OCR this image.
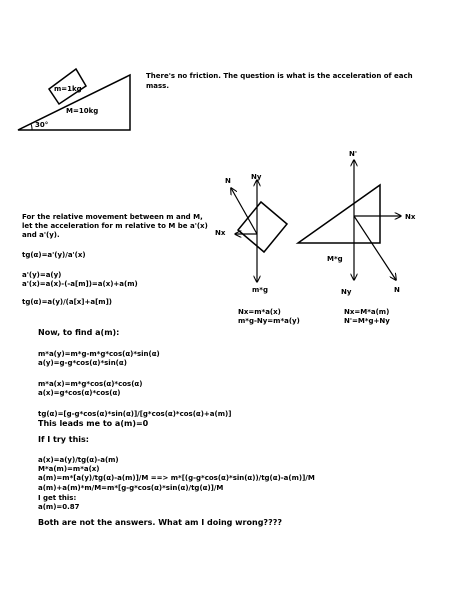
m=1kg
M=10kg
30°
N	Ny
Nx
m*g
N'
Nx
M*g
Ny	N

There's no friction. The question is what is the acceleration of each

mass.

For the relative movement between m and M,

let the acceleration for m relative to M be a'(x)

and a'(y).

tg(α)=a'(y)/a'(x)

a'(y)=a(y)

a'(x)=a(x)-(-a[m])=a(x)+a(m)

tg(α)=a(y)/(a[x]+a[m])

Nx=m*a(x)

m*g-Ny=m*a(y)

Nx=M*a(m)

N'=M*g+Ny

Now, to find a(m):

m*a(y)=m*g-m*g*cos(α)*sin(α)

a(y)=g-g*cos(α)*sin(α)

m*a(x)=m*g*cos(α)*cos(α)

a(x)=g*cos(α)*cos(α)

tg(α)=[g-g*cos(α)*sin(α)]/[g*cos(α)*cos(α)+a(m)]

This leads me to a(m)=0

If I try this:

a(x)=a(y)/tg(α)-a(m)

M*a(m)=m*a(x)

a(m)=m*[a(y)/tg(α)-a(m)]/M ==> m*[(g-g*cos(α)*sin(α))/tg(α)-a(m)]/M

a(m)+a(m)*m/M=m*[g-g*cos(α)*sin(α)/tg(α)]/M

I get this:

a(m)=0.87

Both are not the answers. What am I doing wrong????
